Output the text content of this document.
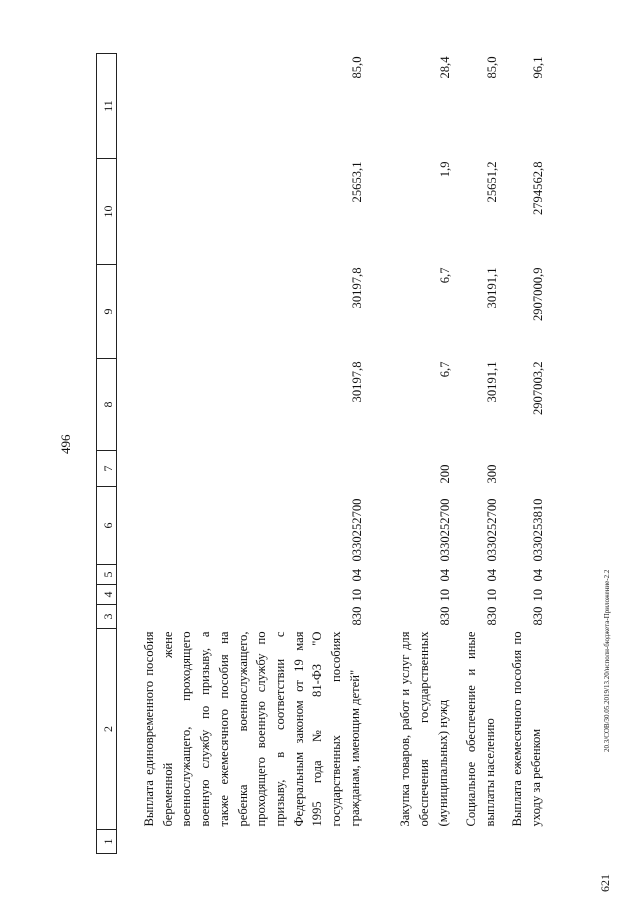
496
20.3/СОВ/30.05.2019/13.20/нсполн-бюджета-Приложение-2.2
621
1	2	3	4	5	6	7	8	9	10	11
	Выплата единовременного пособия беременной жене военнослужащего, проходящего военную службу по призыву, а также ежемесячного пособия на ребенка военнослужащего, проходящего военную службу по призыву, в соответствии с Федеральным законом от 19 мая 1995 года № 81-ФЗ "О государственных пособиях гражданам, имеющим детей"	830	10	04	0330252700		30197,8	30197,8	25653,1	85,0
	Закупка товаров, работ и услуг для обеспечения государственных (муниципальных) нужд	830	10	04	0330252700	200	6,7	6,7	1,9	28,4
	Социальное обеспечение и иные выплаты населению	830	10	04	0330252700	300	30191,1	30191,1	25651,2	85,0
	Выплата ежемесячного пособия по уходу за ребенком	830	10	04	0330253810		2907003,2	2907000,9	2794562,8	96,1
